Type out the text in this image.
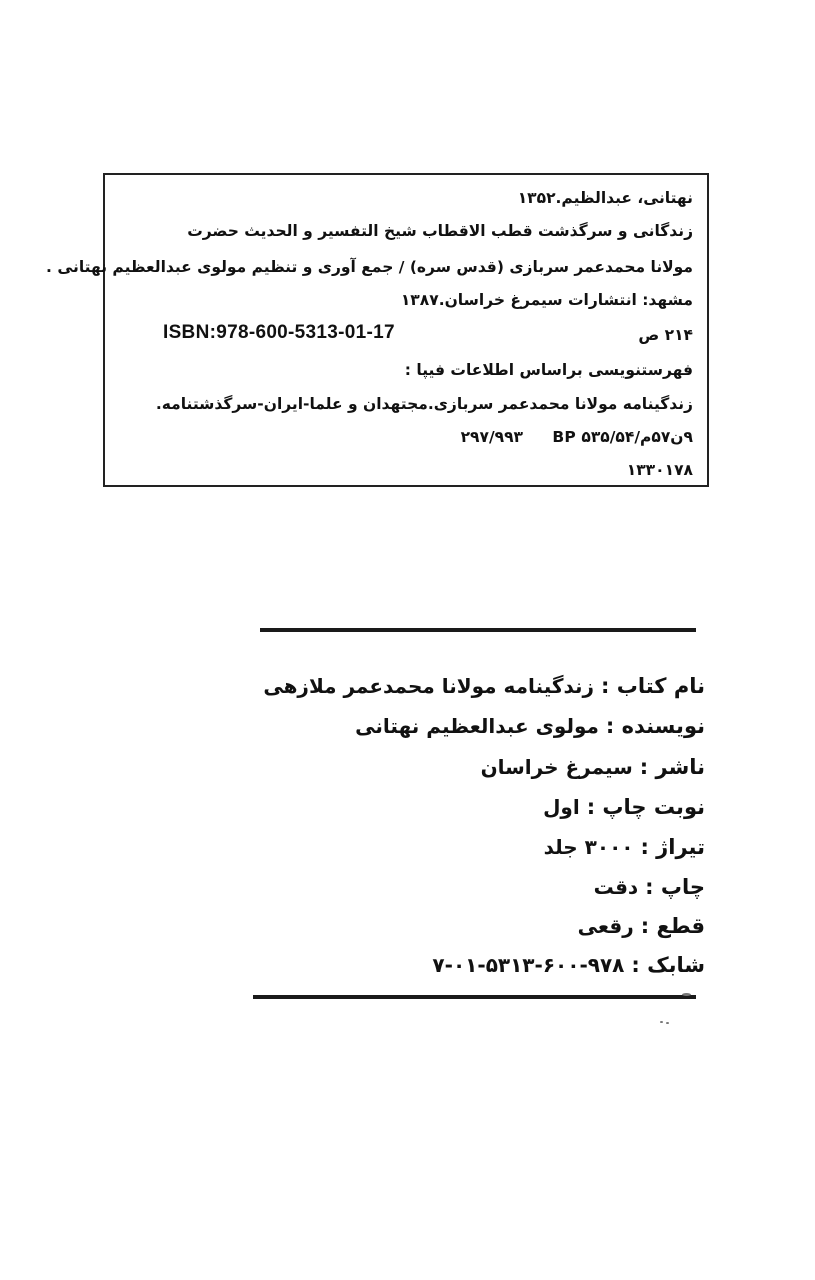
نهتانی، عبدالظیم.۱۳۵۲
زندگانی و سرگذشت قطب الاقطاب شیخ التفسیر و الحدیث حضرت
مولانا محمدعمر سربازی (قدس سره) / جمع آوری و تنظیم مولوی عبدالعظیم نهتانی .
مشهد: انتشارات سیمرغ خراسان.۱۳۸۷
۲۱۴ ص
ISBN:978-600-5313-01-17
فهرستنویسی براساس اطلاعات فیپا :
زندگینامه مولانا محمدعمر سربازی.مجتهدان و علما-ایران-سرگذشتنامه.
۹ن۵۷م/۵۳۵/۵۴ BP
۲۹۷/۹۹۳
۱۳۳۰۱۷۸
نام کتاب : زندگینامه مولانا محمدعمر ملازهی
نویسنده : مولوی عبدالعظیم نهتانی
ناشر : سیمرغ خراسان
نوبت چاپ : اول
تیراژ : ۳۰۰۰ جلد
چاپ : دقت
قطع : رقعی
شابک : ۹۷۸-۶۰۰-۵۳۱۳-۰۱-۷
